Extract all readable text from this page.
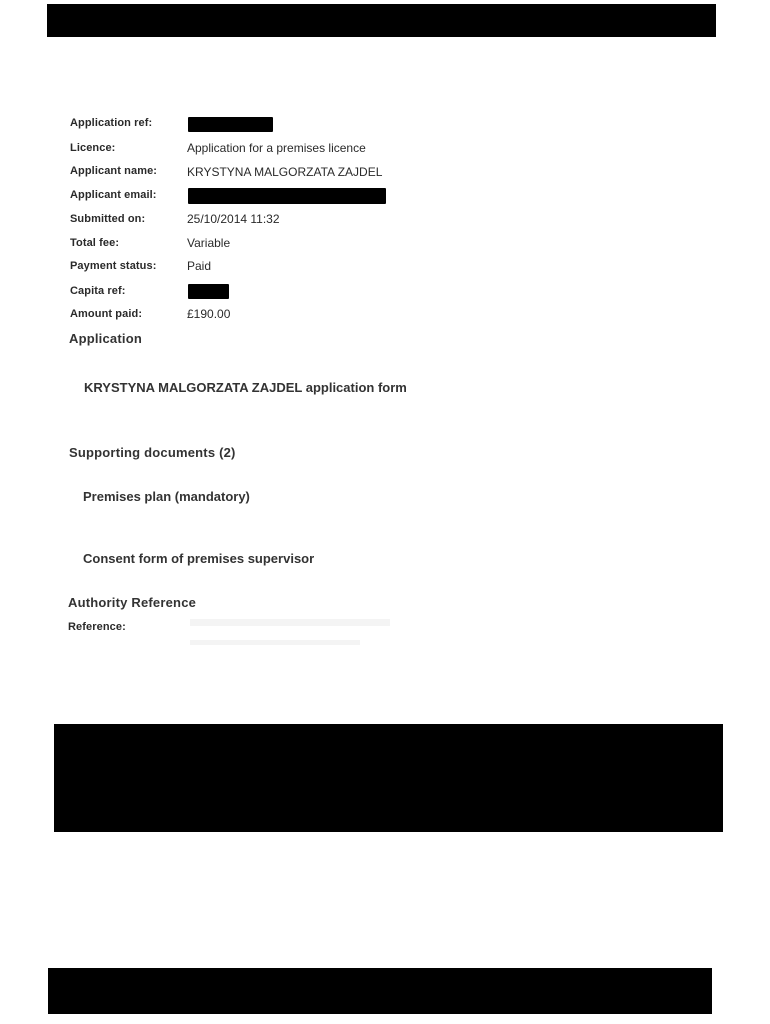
Application ref:
Licence:	Application for a premises licence
Applicant name: KRYSTYNA MALGORZATA ZAJDEL
Applicant email:
Submitted on:	25/10/2014 11:32
Total fee:	Variable
Payment status:	Paid
Capita ref:
Amount paid:	£190.00
Application
KRYSTYNA MALGORZATA ZAJDEL application form
Supporting documents (2)
Premises plan (mandatory)
Consent form of premises supervisor
Authority Reference
Reference:
